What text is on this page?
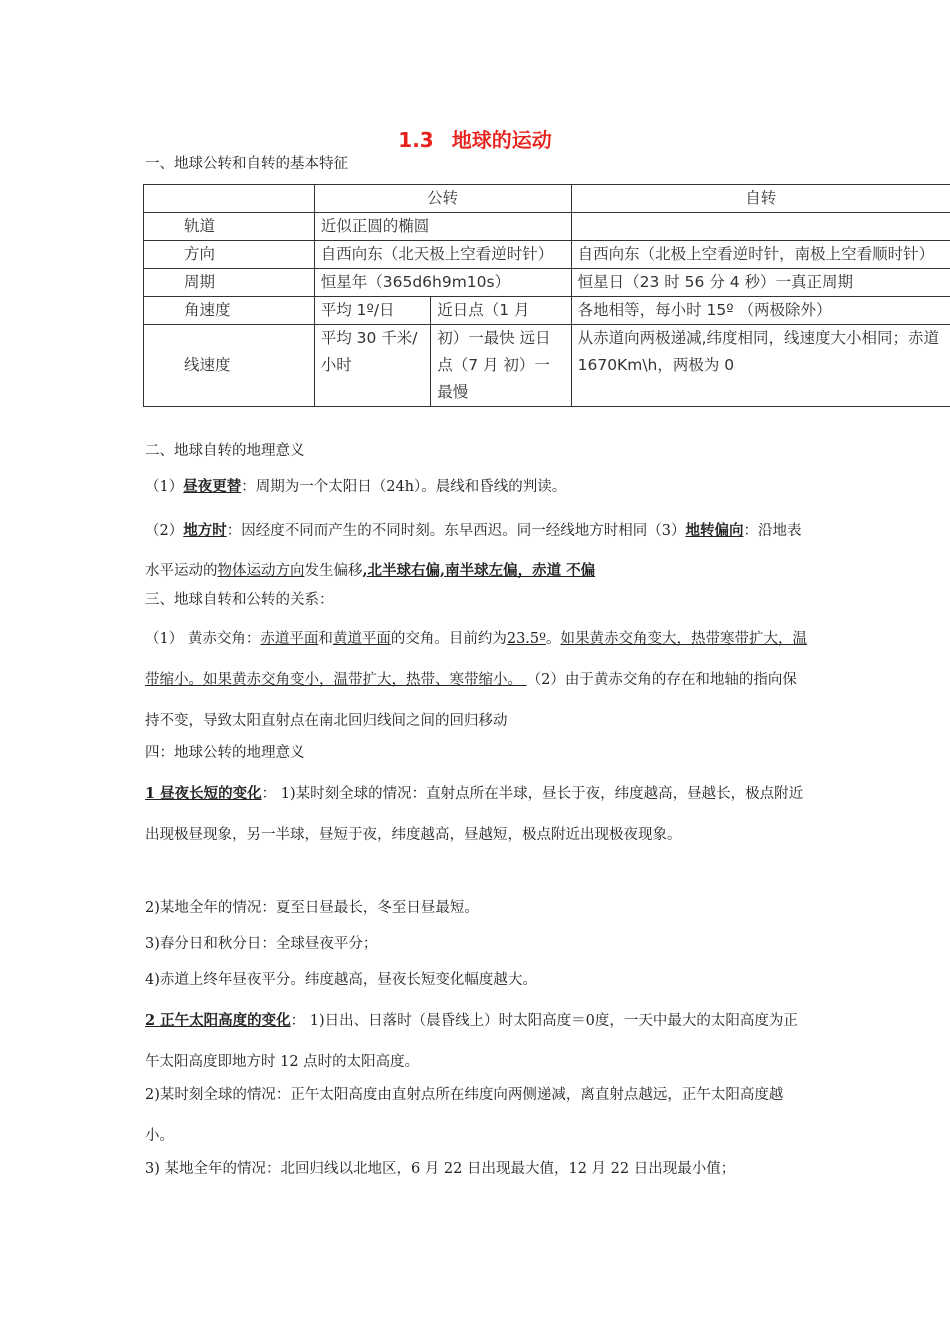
1.3 地球的运动
一、地球公转和自转的基本特征
	公转		自转
轨道	近似正圆的椭圆		
方向	自西向东（北天极上空看逆时针）		自西向东（北极上空看逆时针，南极上空看顺时针）
周期	恒星年（365d6h9m10s）		恒星日（23 时 56 分 4 秒）一真正周期
角速度	平均 1º/日	近日点（1 月	各地相等，每小时 15º （两极除外）
线速度	平均 30 千米/小时	初）一最快 远日点（7 月 初）一最慢	从赤道向两极递减,纬度相同，线速度大小相同；赤道 1670Km\h，两极为 0
二、地球自转的地理意义
（1）昼夜更替：周期为一个太阳日（24h）。晨线和昏线的判读。
（2）地方时：因经度不同而产生的不同时刻。东早西迟。同一经线地方时相同（3）地转偏向：沿地表水平运动的物体运动方向发生偏移,北半球右偏,南半球左偏，赤道 不偏
三、地球自转和公转的关系：
（1） 黄赤交角：赤道平面和黄道平面的交角。目前约为23.5º。如果黄赤交角变大，热带寒带扩大，温带缩小。如果黄赤交角变小，温带扩大，热带、寒带缩小。 （2）由于黄赤交角的存在和地轴的指向保持不变，导致太阳直射点在南北回归线间之间的回归移动
四：地球公转的地理意义
1 昼夜长短的变化： 1)某时刻全球的情况：直射点所在半球，昼长于夜，纬度越高，昼越长，极点附近出现极昼现象，另一半球，昼短于夜，纬度越高，昼越短，极点附近出现极夜现象。
2)某地全年的情况：夏至日昼最长，冬至日昼最短。
3)春分日和秋分日：全球昼夜平分；
4)赤道上终年昼夜平分。纬度越高，昼夜长短变化幅度越大。
2 正午太阳高度的变化： 1)日出、日落时（晨昏线上）时太阳高度＝0度，一天中最大的太阳高度为正午太阳高度即地方时 12 点时的太阳高度。
2)某时刻全球的情况：正午太阳高度由直射点所在纬度向两侧递减，离直射点越远，正午太阳高度越小。
3) 某地全年的情况：北回归线以北地区，6 月 22 日出现最大值，12 月 22 日出现最小值；
